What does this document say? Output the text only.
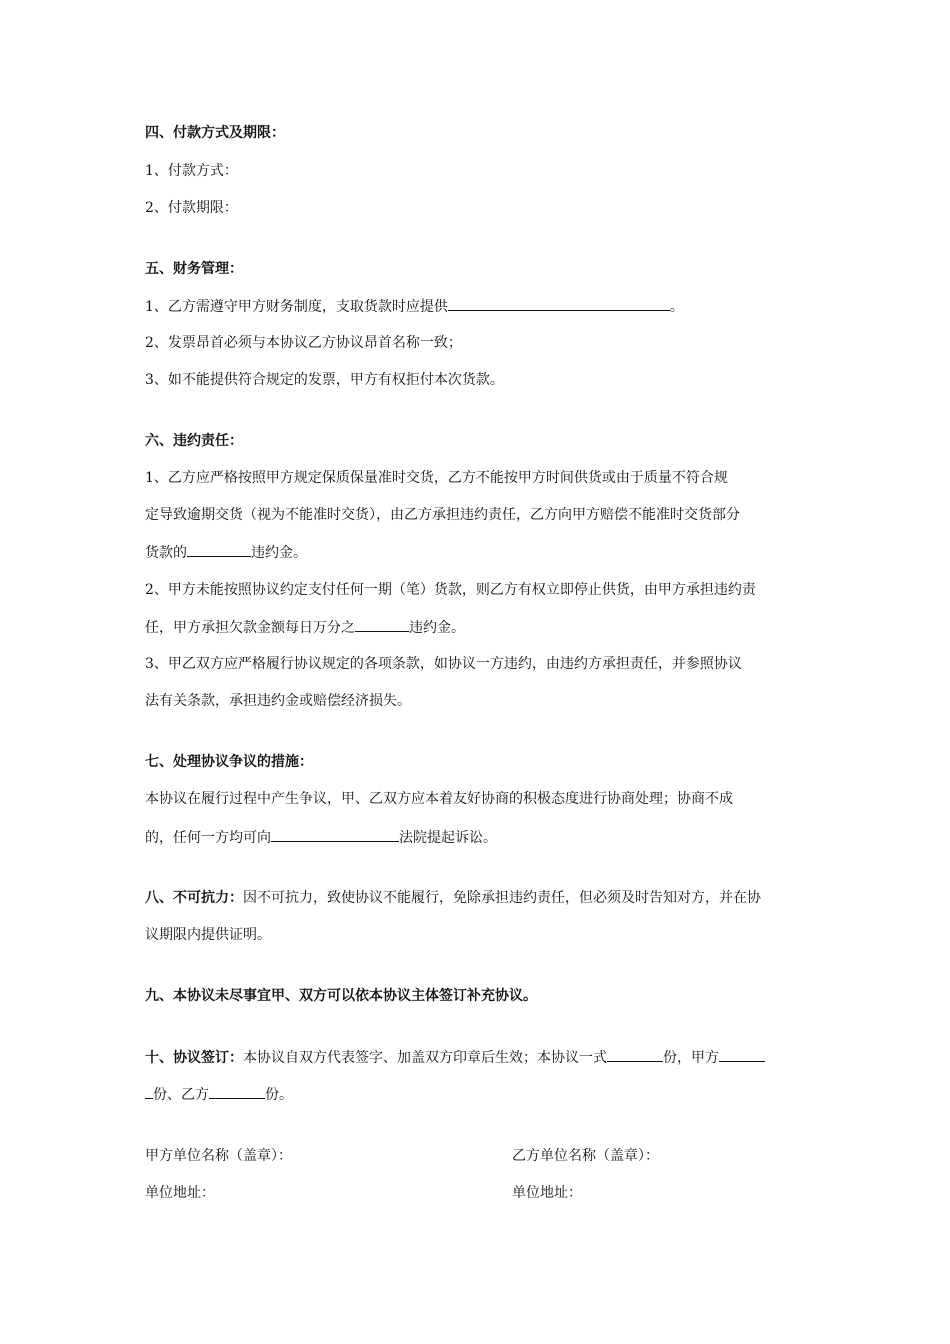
四、付款方式及期限：
1、付款方式：
2、付款期限：
五、财务管理：
1、乙方需遵守甲方财务制度，支取货款时应提供	。
2、发票昂首必须与本协议乙方协议昂首名称一致；
3、如不能提供符合规定的发票，甲方有权拒付本次货款。
六、违约责任：
1、乙方应严格按照甲方规定保质保量准时交货，乙方不能按甲方时间供货或由于质量不符合规
定导致逾期交货（视为不能准时交货），由乙方承担违约责任，乙方向甲方赔偿不能准时交货部分
货款的	违约金。
2、甲方未能按照协议约定支付任何一期（笔）货款，则乙方有权立即停止供货，由甲方承担违约责
任，甲方承担欠款金额每日万分之	违约金。
3、甲乙双方应严格履行协议规定的各项条款，如协议一方违约，由违约方承担责任，并参照协议
法有关条款，承担违约金或赔偿经济损失。
七、处理协议争议的措施：
本协议在履行过程中产生争议，甲、乙双方应本着友好协商的积极态度进行协商处理；协商不成
的，任何一方均可向	法院提起诉讼。
八、不可抗力：因不可抗力，致使协议不能履行，免除承担违约责任，但必须及时告知对方，并在协
议期限内提供证明。
九、本协议未尽事宜甲、双方可以依本协议主体签订补充协议。
十、协议签订：本协议自双方代表签字、加盖双方印章后生效；本协议一式	份，甲方
份、乙方	份。
甲方单位名称（盖章）：	乙方单位名称（盖章）：
单位地址：	单位地址：
